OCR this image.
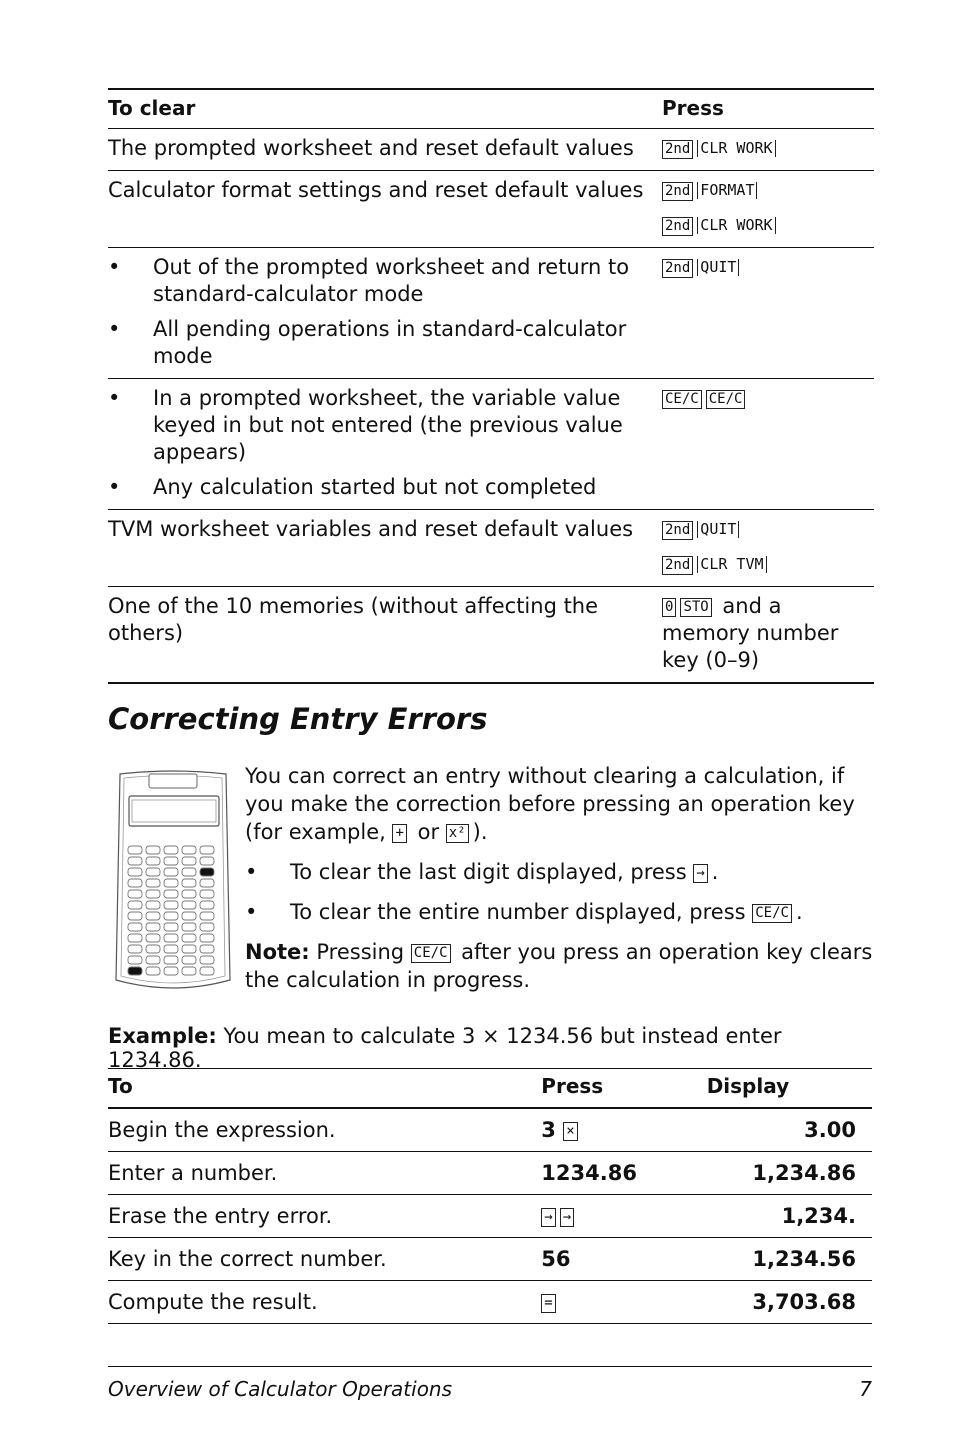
To clear	Press
The prompted worksheet and reset default values	2nd CLR WORK

Calculator format settings and reset default values	2nd FORMAT
2nd CLR WORK

• Out of the prompted worksheet and return to standard-calculator mode
• All pending operations in standard-calculator mode	2nd QUIT

• In a prompted worksheet, the variable value keyed in but not entered (the previous value appears)
• Any calculation started but not completed	CE/C CE/C

TVM worksheet variables and reset default values	2nd QUIT
2nd CLR TVM

One of the 10 memories (without affecting the others)	0 STO and a memory number key (0–9)
Correcting Entry Errors

You can correct an entry without clearing a calculation, if you make the correction before pressing an operation key (for example, + or x² ).

•	To clear the last digit displayed, press → .
•	To clear the entire number displayed, press CE/C .

Note: Pressing CE/C after you press an operation key clears the calculation in progress.

Example: You mean to calculate 3 × 1234.56 but instead enter 1234.86.

To	Press	Display
Begin the expression.	3 ×	3.00
Enter a number.	1234.86	1,234.86
Erase the entry error.	→ →	1,234.
Key in the correct number.	56	1,234.56
Compute the result.	=	3,703.68
Overview of Calculator Operations	7
